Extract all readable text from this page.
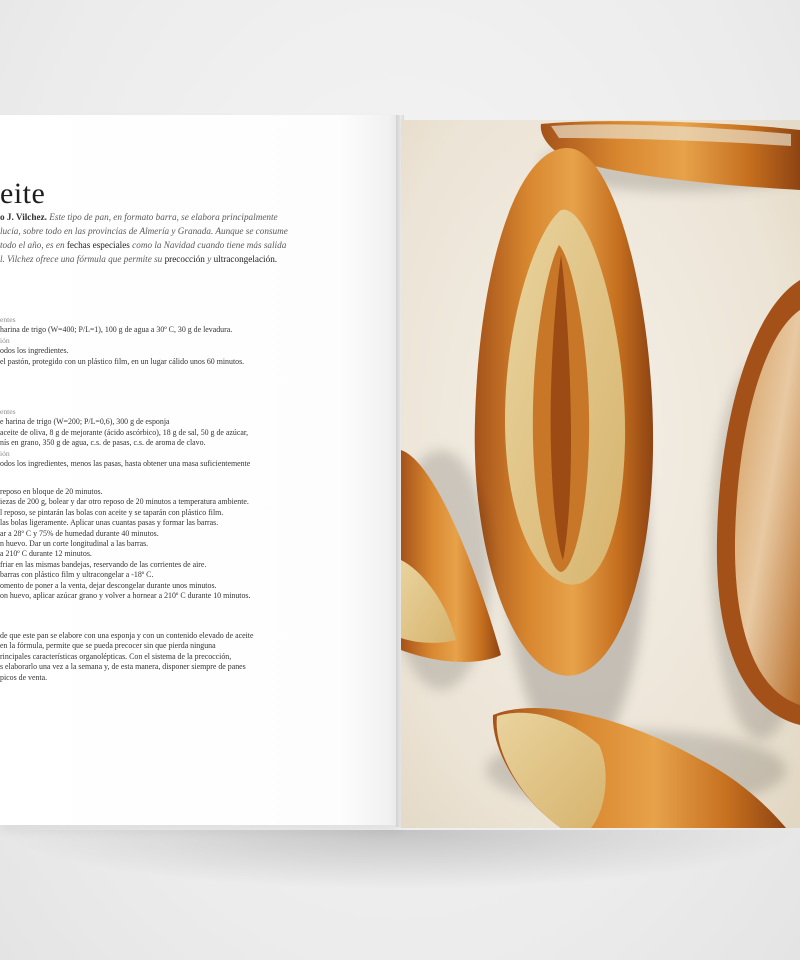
eite
o J. Vilchez. Este tipo de pan, en formato barra, se elabora principalmente
lucía, sobre todo en las provincias de Almería y Granada. Aunque se consume
todo el año, es en fechas especiales como la Navidad cuando tiene más salida
l. Vilchez ofrece una fórmula que permite su precocción y ultracongelación.
entes
harina de trigo (W=400; P/L=1), 100 g de agua a 30º C, 30 g de levadura.
ión
odos los ingredientes.
el pastón, protegido con un plástico film, en un lugar cálido unos 60 minutos.
entes
e harina de trigo (W=200; P/L=0,6), 300 g de esponja
aceite de oliva, 8 g de mejorante (ácido ascórbico), 18 g de sal, 50 g de azúcar,
nís en grano, 350 g de agua, c.s. de pasas, c.s. de aroma de clavo.
ión
odos los ingredientes, menos las pasas, hasta obtener una masa suficientemente
reposo en bloque de 20 minutos.
iezas de 200 g, bolear y dar otro reposo de 20 minutos a temperatura ambiente.
l reposo, se pintarán las bolas con aceite y se taparán con plástico film.
las bolas ligeramente. Aplicar unas cuantas pasas y formar las barras.
ar a 28º C y 75% de humedad durante 40 minutos.
n huevo. Dar un corte longitudinal a las barras.
a 210º C durante 12 minutos.
friar en las mismas bandejas, reservando de las corrientes de aire.
barras con plástico film y ultracongelar a -18º C.
omento de poner a la venta, dejar descongelar durante unos minutos.
on huevo, aplicar azúcar grano y volver a hornear a 210º C durante 10 minutos.
de que este pan se elabore con una esponja y con un contenido elevado de aceite
en la fórmula, permite que se pueda precocer sin que pierda ninguna
rincipales características organolépticas. Con el sistema de la precocción,
s elaborarlo una vez a la semana y, de esta manera, disponer siempre de panes
picos de venta.
